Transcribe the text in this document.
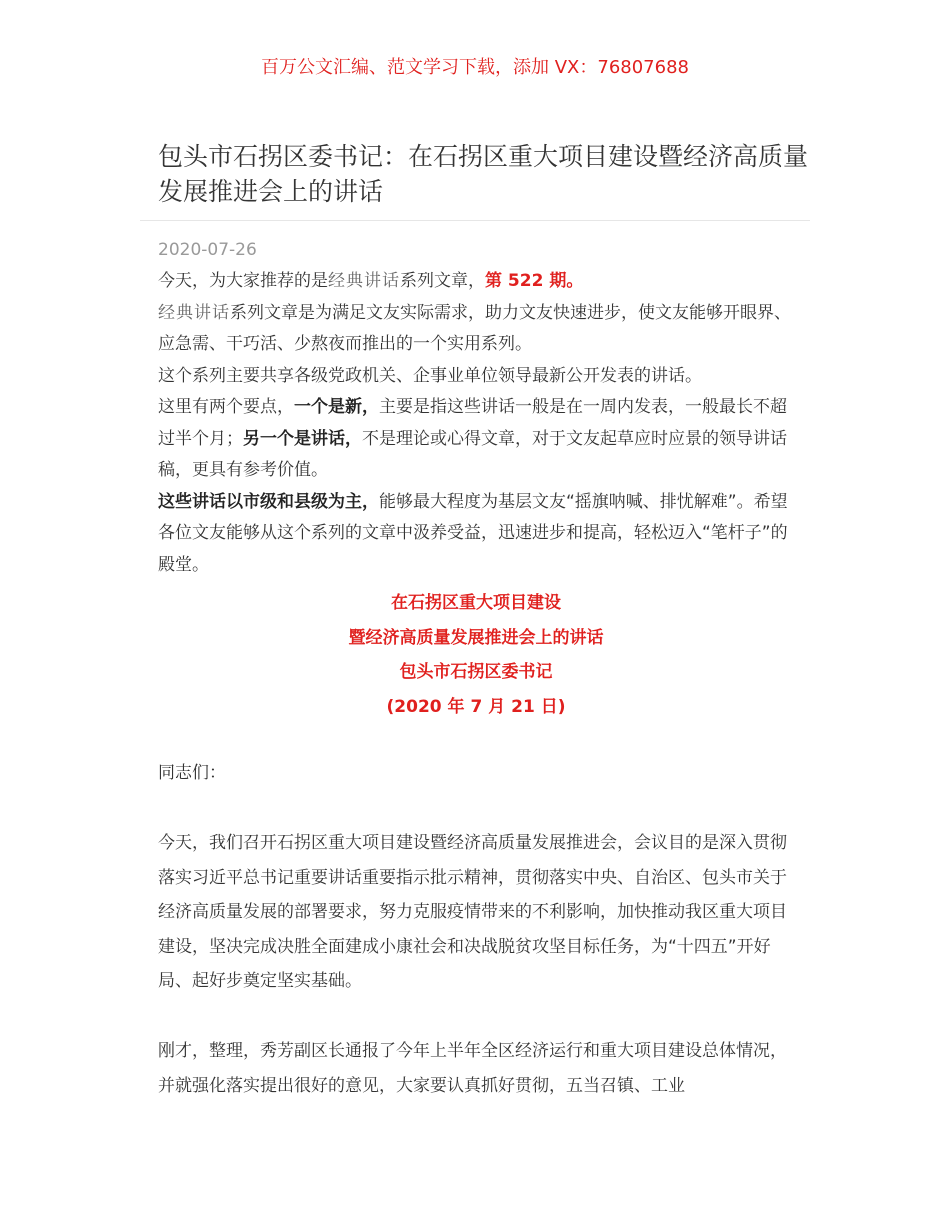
百万公文汇编、范文学习下载，添加 VX：76807688
包头市石拐区委书记：在石拐区重大项目建设暨经济高质量发展推进会上的讲话
2020-07-26

今天，为大家推荐的是经典讲话系列文章，第 522 期。

经典讲话系列文章是为满足文友实际需求，助力文友快速进步，使文友能够开眼界、应急需、干巧活、少熬夜而推出的一个实用系列。

这个系列主要共享各级党政机关、企事业单位领导最新公开发表的讲话。

这里有两个要点，一个是新，主要是指这些讲话一般是在一周内发表，一般最长不超过半个月；另一个是讲话，不是理论或心得文章，对于文友起草应时应景的领导讲话稿，更具有参考价值。

这些讲话以市级和县级为主，能够最大程度为基层文友“摇旗呐喊、排忧解难”。希望各位文友能够从这个系列的文章中汲养受益，迅速进步和提高，轻松迈入“笔杆子”的殿堂。

在石拐区重大项目建设
暨经济高质量发展推进会上的讲话
包头市石拐区委书记
(2020 年 7 月 21 日)

同志们：

今天，我们召开石拐区重大项目建设暨经济高质量发展推进会，会议目的是深入贯彻落实习近平总书记重要讲话重要指示批示精神，贯彻落实中央、自治区、包头市关于经济高质量发展的部署要求，努力克服疫情带来的不利影响，加快推动我区重大项目建设，坚决完成决胜全面建成小康社会和决战脱贫攻坚目标任务，为“十四五”开好局、起好步奠定坚实基础。

刚才，整理，秀芳副区长通报了今年上半年全区经济运行和重大项目建设总体情况，并就强化落实提出很好的意见，大家要认真抓好贯彻，五当召镇、工业
